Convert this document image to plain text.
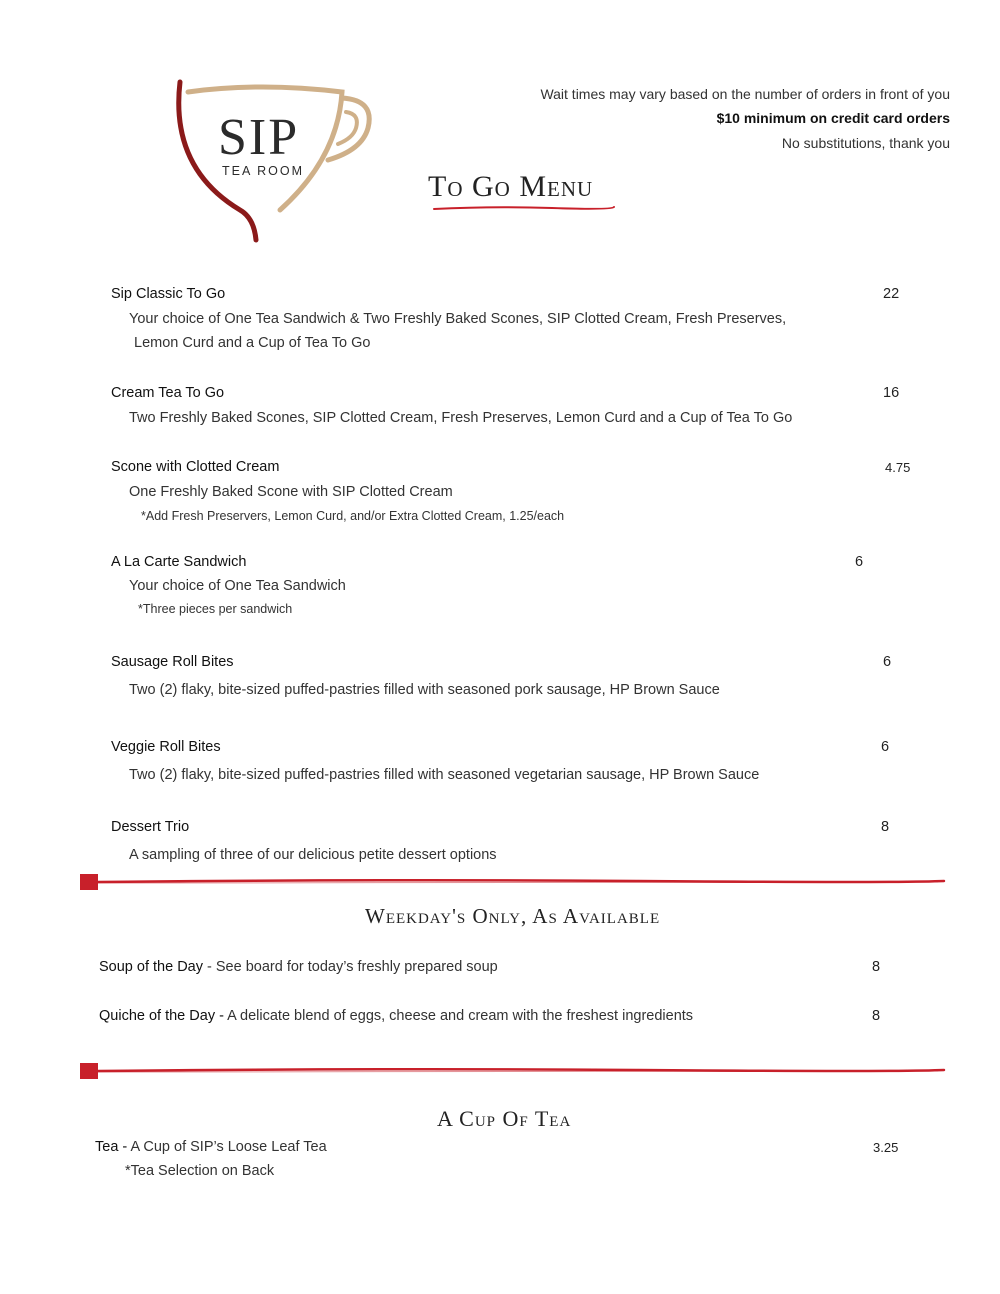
SIP
TEA ROOM
Wait times may vary based on the number of orders in front of you
$10 minimum on credit card orders
No substitutions, thank you
To Go Menu
Sip Classic To Go	22
Your choice of One Tea Sandwich & Two Freshly Baked Scones, SIP Clotted Cream, Fresh Preserves,
Lemon Curd and a Cup of Tea To Go
Cream Tea To Go	16
Two Freshly Baked Scones, SIP Clotted Cream, Fresh Preserves, Lemon Curd and a Cup of Tea To Go
Scone with Clotted Cream	4.75
One Freshly Baked Scone with SIP Clotted Cream
*Add Fresh Preservers, Lemon Curd, and/or Extra Clotted Cream, 1.25/each
A La Carte Sandwich	6
Your choice of One Tea Sandwich
*Three pieces per sandwich
Sausage Roll Bites	6
Two (2) flaky, bite-sized puffed-pastries filled with seasoned pork sausage, HP Brown Sauce
Veggie Roll Bites	6
Two (2) flaky, bite-sized puffed-pastries filled with seasoned vegetarian sausage, HP Brown Sauce
Dessert Trio	8
A sampling of three of our delicious petite dessert options
Weekday's Only, As Available
Soup of the Day - See board for today’s freshly prepared soup	8
Quiche of the Day - A delicate blend of eggs, cheese and cream with the freshest ingredients	8
A Cup Of Tea
Tea - A Cup of SIP’s Loose Leaf Tea	3.25
*Tea Selection on Back
